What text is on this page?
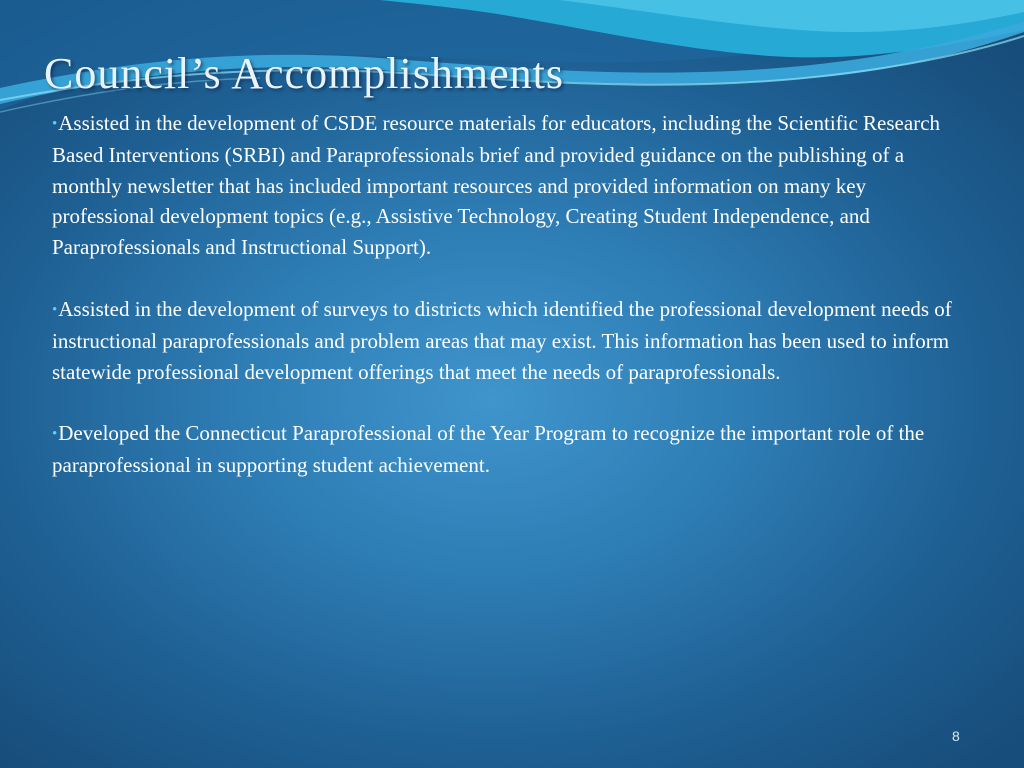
Council’s Accomplishments

•Assisted in the development of CSDE resource materials for educators, including the Scientific Research Based Interventions (SRBI) and Paraprofessionals brief and provided guidance on the publishing of a monthly newsletter that has included important resources and provided information on many key professional development topics (e.g., Assistive Technology, Creating Student Independence, and Paraprofessionals and Instructional Support).

•Assisted in the development of surveys to districts which identified the professional development needs of instructional paraprofessionals and problem areas that may exist. This information has been used to inform statewide professional development offerings that meet the needs of paraprofessionals.

•Developed the Connecticut Paraprofessional of the Year Program to recognize the important role of the paraprofessional in supporting student achievement.

8
